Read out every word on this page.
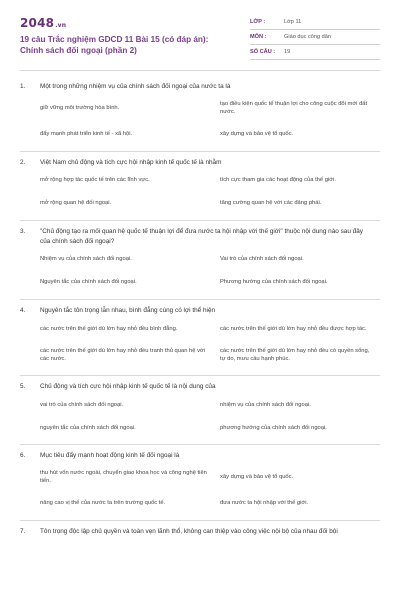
2048.vn
19 câu Trắc nghiệm GDCD 11 Bài 15 (có đáp án): Chính sách đối ngoại (phần 2)
LỚP :	Lớp 11
MÔN :	Giáo dục công dân
SỐ CÂU :	19
1.	Một trong những nhiệm vụ của chính sách đối ngoại của nước ta là
giữ vững môi trường hòa bình.
tạo điều kiện quốc tế thuận lợi cho công cuộc đổi mới đất nước.
đẩy mạnh phát triển kinh tế - xã hội.	xây dựng và bảo vệ tổ quốc.
2.	Việt Nam chủ động và tích cực hội nhập kinh tế quốc tế là nhằm
mở rộng hợp tác quốc tế trên các lĩnh vực.	tích cực tham gia các hoạt động của thế giới.
mở rộng quan hệ đối ngoại.	tăng cường quan hệ với các đảng phái.
3.	"Chủ động tạo ra mối quan hệ quốc tế thuận lợi để đưa nước ta hội nhập với thế giới" thuộc nội dung nào sau đây của chính sách đối ngoại?
Nhiệm vụ của chính sách đối ngoại.	Vai trò của chính sách đối ngoại.
Nguyên tắc của chính sách đối ngoại.	Phương hướng của chính sách đối ngoại.
4.	Nguyên tắc tôn trọng lẫn nhau, bình đẳng cùng có lợi thể hiện
các nước trên thế giới dù lớn hay nhỏ đều bình đẳng.	các nước trên thế giới dù lớn hay nhỏ đều được hợp tác.
các nước trên thế giới dù lớn hay nhỏ đều tranh thủ quan hệ với các nước.
các nước trên thế giới dù lớn hay nhỏ đều có quyền sống, tự do, mưu cầu hạnh phúc.
5.	Chủ động và tích cực hội nhập kinh tế quốc tế là nội dung của
vai trò của chính sách đối ngoại.	nhiệm vụ của chính sách đối ngoại.
nguyên tắc của chính sách đối ngoại.	phương hướng của chính sách đối ngoại.
6.	Mục tiêu đẩy mạnh hoạt động kinh tế đối ngoại là
thu hút vốn nước ngoài, chuyển giao khoa học và công nghệ tiên tiến.
xây dựng và bảo vệ tổ quốc.
nâng cao vị thế của nước ta trên trường quốc tế.	đưa nước ta hội nhập với thế giới.
7.	Tôn trọng độc lập chủ quyền và toàn vẹn lãnh thổ, không can thiệp vào công việc nội bộ của nhau đối bội
